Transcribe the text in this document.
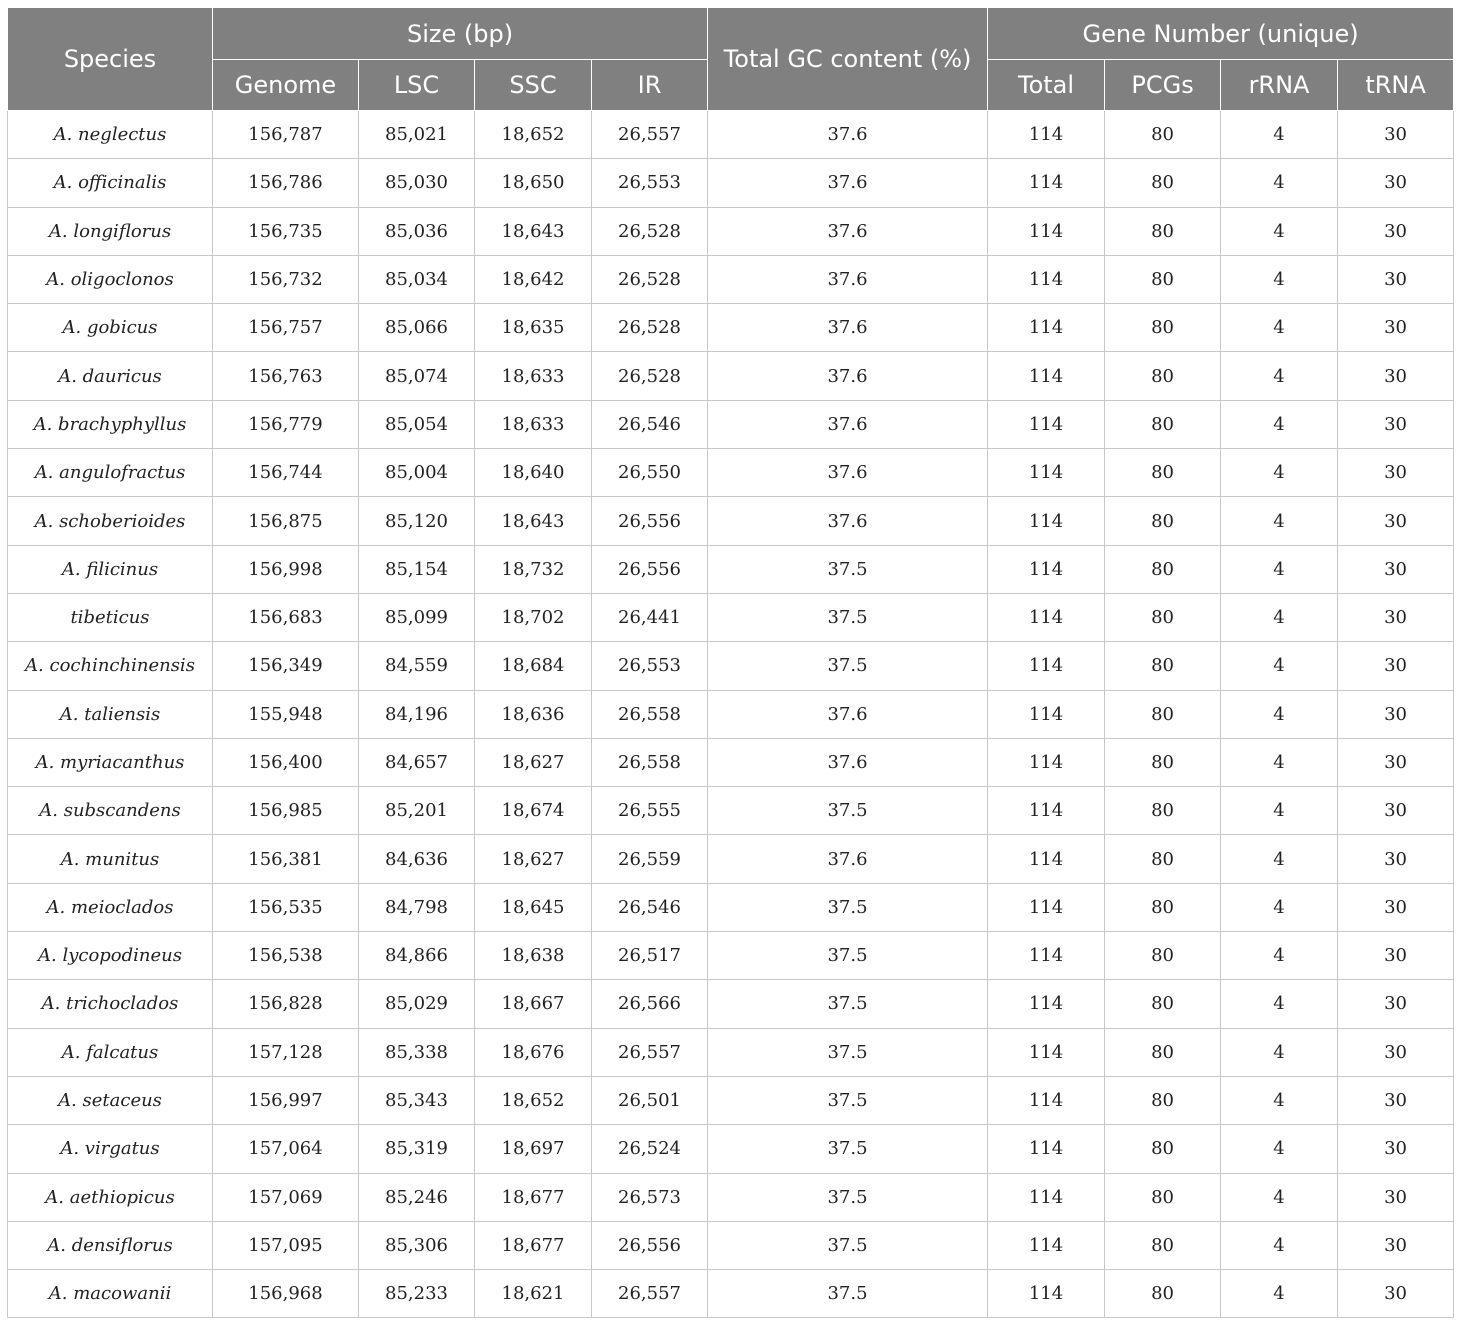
Species	Size (bp)				Total GC content (%)	Gene Number (unique)			
	Genome	LSC	SSC	IR		Total	PCGs	rRNA	tRNA
A. neglectus	156,787	85,021	18,652	26,557	37.6	114	80	4	30
A. officinalis	156,786	85,030	18,650	26,553	37.6	114	80	4	30
A. longiflorus	156,735	85,036	18,643	26,528	37.6	114	80	4	30
A. oligoclonos	156,732	85,034	18,642	26,528	37.6	114	80	4	30
A. gobicus	156,757	85,066	18,635	26,528	37.6	114	80	4	30
A. dauricus	156,763	85,074	18,633	26,528	37.6	114	80	4	30
A. brachyphyllus	156,779	85,054	18,633	26,546	37.6	114	80	4	30
A. angulofractus	156,744	85,004	18,640	26,550	37.6	114	80	4	30
A. schoberioides	156,875	85,120	18,643	26,556	37.6	114	80	4	30
A. filicinus	156,998	85,154	18,732	26,556	37.5	114	80	4	30
tibeticus	156,683	85,099	18,702	26,441	37.5	114	80	4	30
A. cochinchinensis	156,349	84,559	18,684	26,553	37.5	114	80	4	30
A. taliensis	155,948	84,196	18,636	26,558	37.6	114	80	4	30
A. myriacanthus	156,400	84,657	18,627	26,558	37.6	114	80	4	30
A. subscandens	156,985	85,201	18,674	26,555	37.5	114	80	4	30
A. munitus	156,381	84,636	18,627	26,559	37.6	114	80	4	30
A. meiocladоs	156,535	84,798	18,645	26,546	37.5	114	80	4	30
A. lycopodineus	156,538	84,866	18,638	26,517	37.5	114	80	4	30
A. trichoclados	156,828	85,029	18,667	26,566	37.5	114	80	4	30
A. falcatus	157,128	85,338	18,676	26,557	37.5	114	80	4	30
A. setaceus	156,997	85,343	18,652	26,501	37.5	114	80	4	30
A. virgatus	157,064	85,319	18,697	26,524	37.5	114	80	4	30
A. aethiopicus	157,069	85,246	18,677	26,573	37.5	114	80	4	30
A. densiflorus	157,095	85,306	18,677	26,556	37.5	114	80	4	30
A. macowanii	156,968	85,233	18,621	26,557	37.5	114	80	4	30
